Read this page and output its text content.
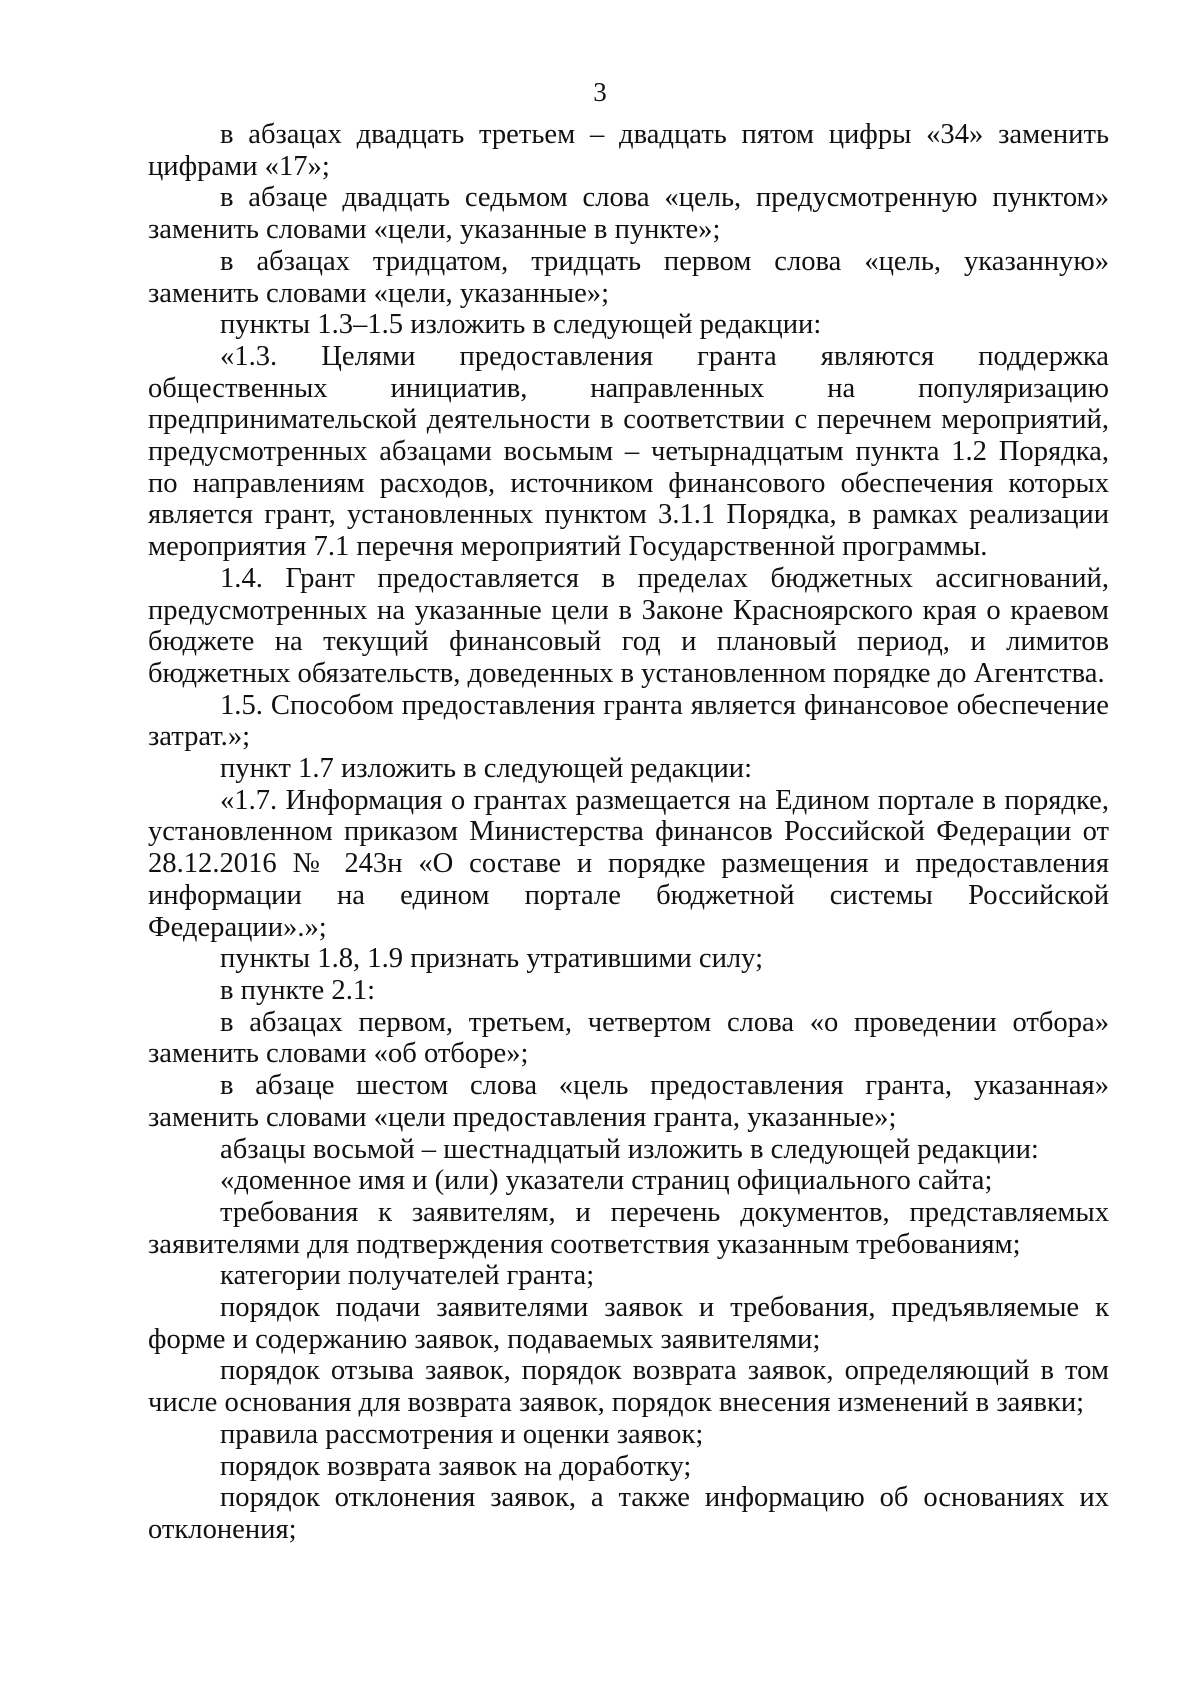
3

в абзацах двадцать третьем – двадцать пятом цифры «34» заменить цифрами «17»;

в абзаце двадцать седьмом слова «цель, предусмотренную пунктом» заменить словами «цели, указанные в пункте»;

в абзацах тридцатом, тридцать первом слова «цель, указанную» заменить словами «цели, указанные»;

пункты 1.3–1.5 изложить в следующей редакции:

«1.3. Целями предоставления гранта являются поддержка общественных инициатив, направленных на популяризацию предпринимательской деятельности в соответствии с перечнем мероприятий, предусмотренных абзацами восьмым – четырнадцатым пункта 1.2 Порядка, по направлениям расходов, источником финансового обеспечения которых является грант, установленных пунктом 3.1.1 Порядка, в рамках реализации мероприятия 7.1 перечня мероприятий Государственной программы.

1.4. Грант предоставляется в пределах бюджетных ассигнований, предусмотренных на указанные цели в Законе Красноярского края о краевом бюджете на текущий финансовый год и плановый период, и лимитов бюджетных обязательств, доведенных в установленном порядке до Агентства.

1.5. Способом предоставления гранта является финансовое обеспечение затрат.»;

пункт 1.7 изложить в следующей редакции:

«1.7. Информация о грантах размещается на Едином портале в порядке, установленном приказом Министерства финансов Российской Федерации от 28.12.2016 № 243н «О составе и порядке размещения и предоставления информации на едином портале бюджетной системы Российской Федерации».»;

пункты 1.8, 1.9 признать утратившими силу;

в пункте 2.1:

в абзацах первом, третьем, четвертом слова «о проведении отбора» заменить словами «об отборе»;

в абзаце шестом слова «цель предоставления гранта, указанная» заменить словами «цели предоставления гранта, указанные»;

абзацы восьмой – шестнадцатый изложить в следующей редакции:

«доменное имя и (или) указатели страниц официального сайта;

требования к заявителям, и перечень документов, представляемых заявителями для подтверждения соответствия указанным требованиям;

категории получателей гранта;

порядок подачи заявителями заявок и требования, предъявляемые к форме и содержанию заявок, подаваемых заявителями;

порядок отзыва заявок, порядок возврата заявок, определяющий в том числе основания для возврата заявок, порядок внесения изменений в заявки;

правила рассмотрения и оценки заявок;

порядок возврата заявок на доработку;

порядок отклонения заявок, а также информацию об основаниях их отклонения;
